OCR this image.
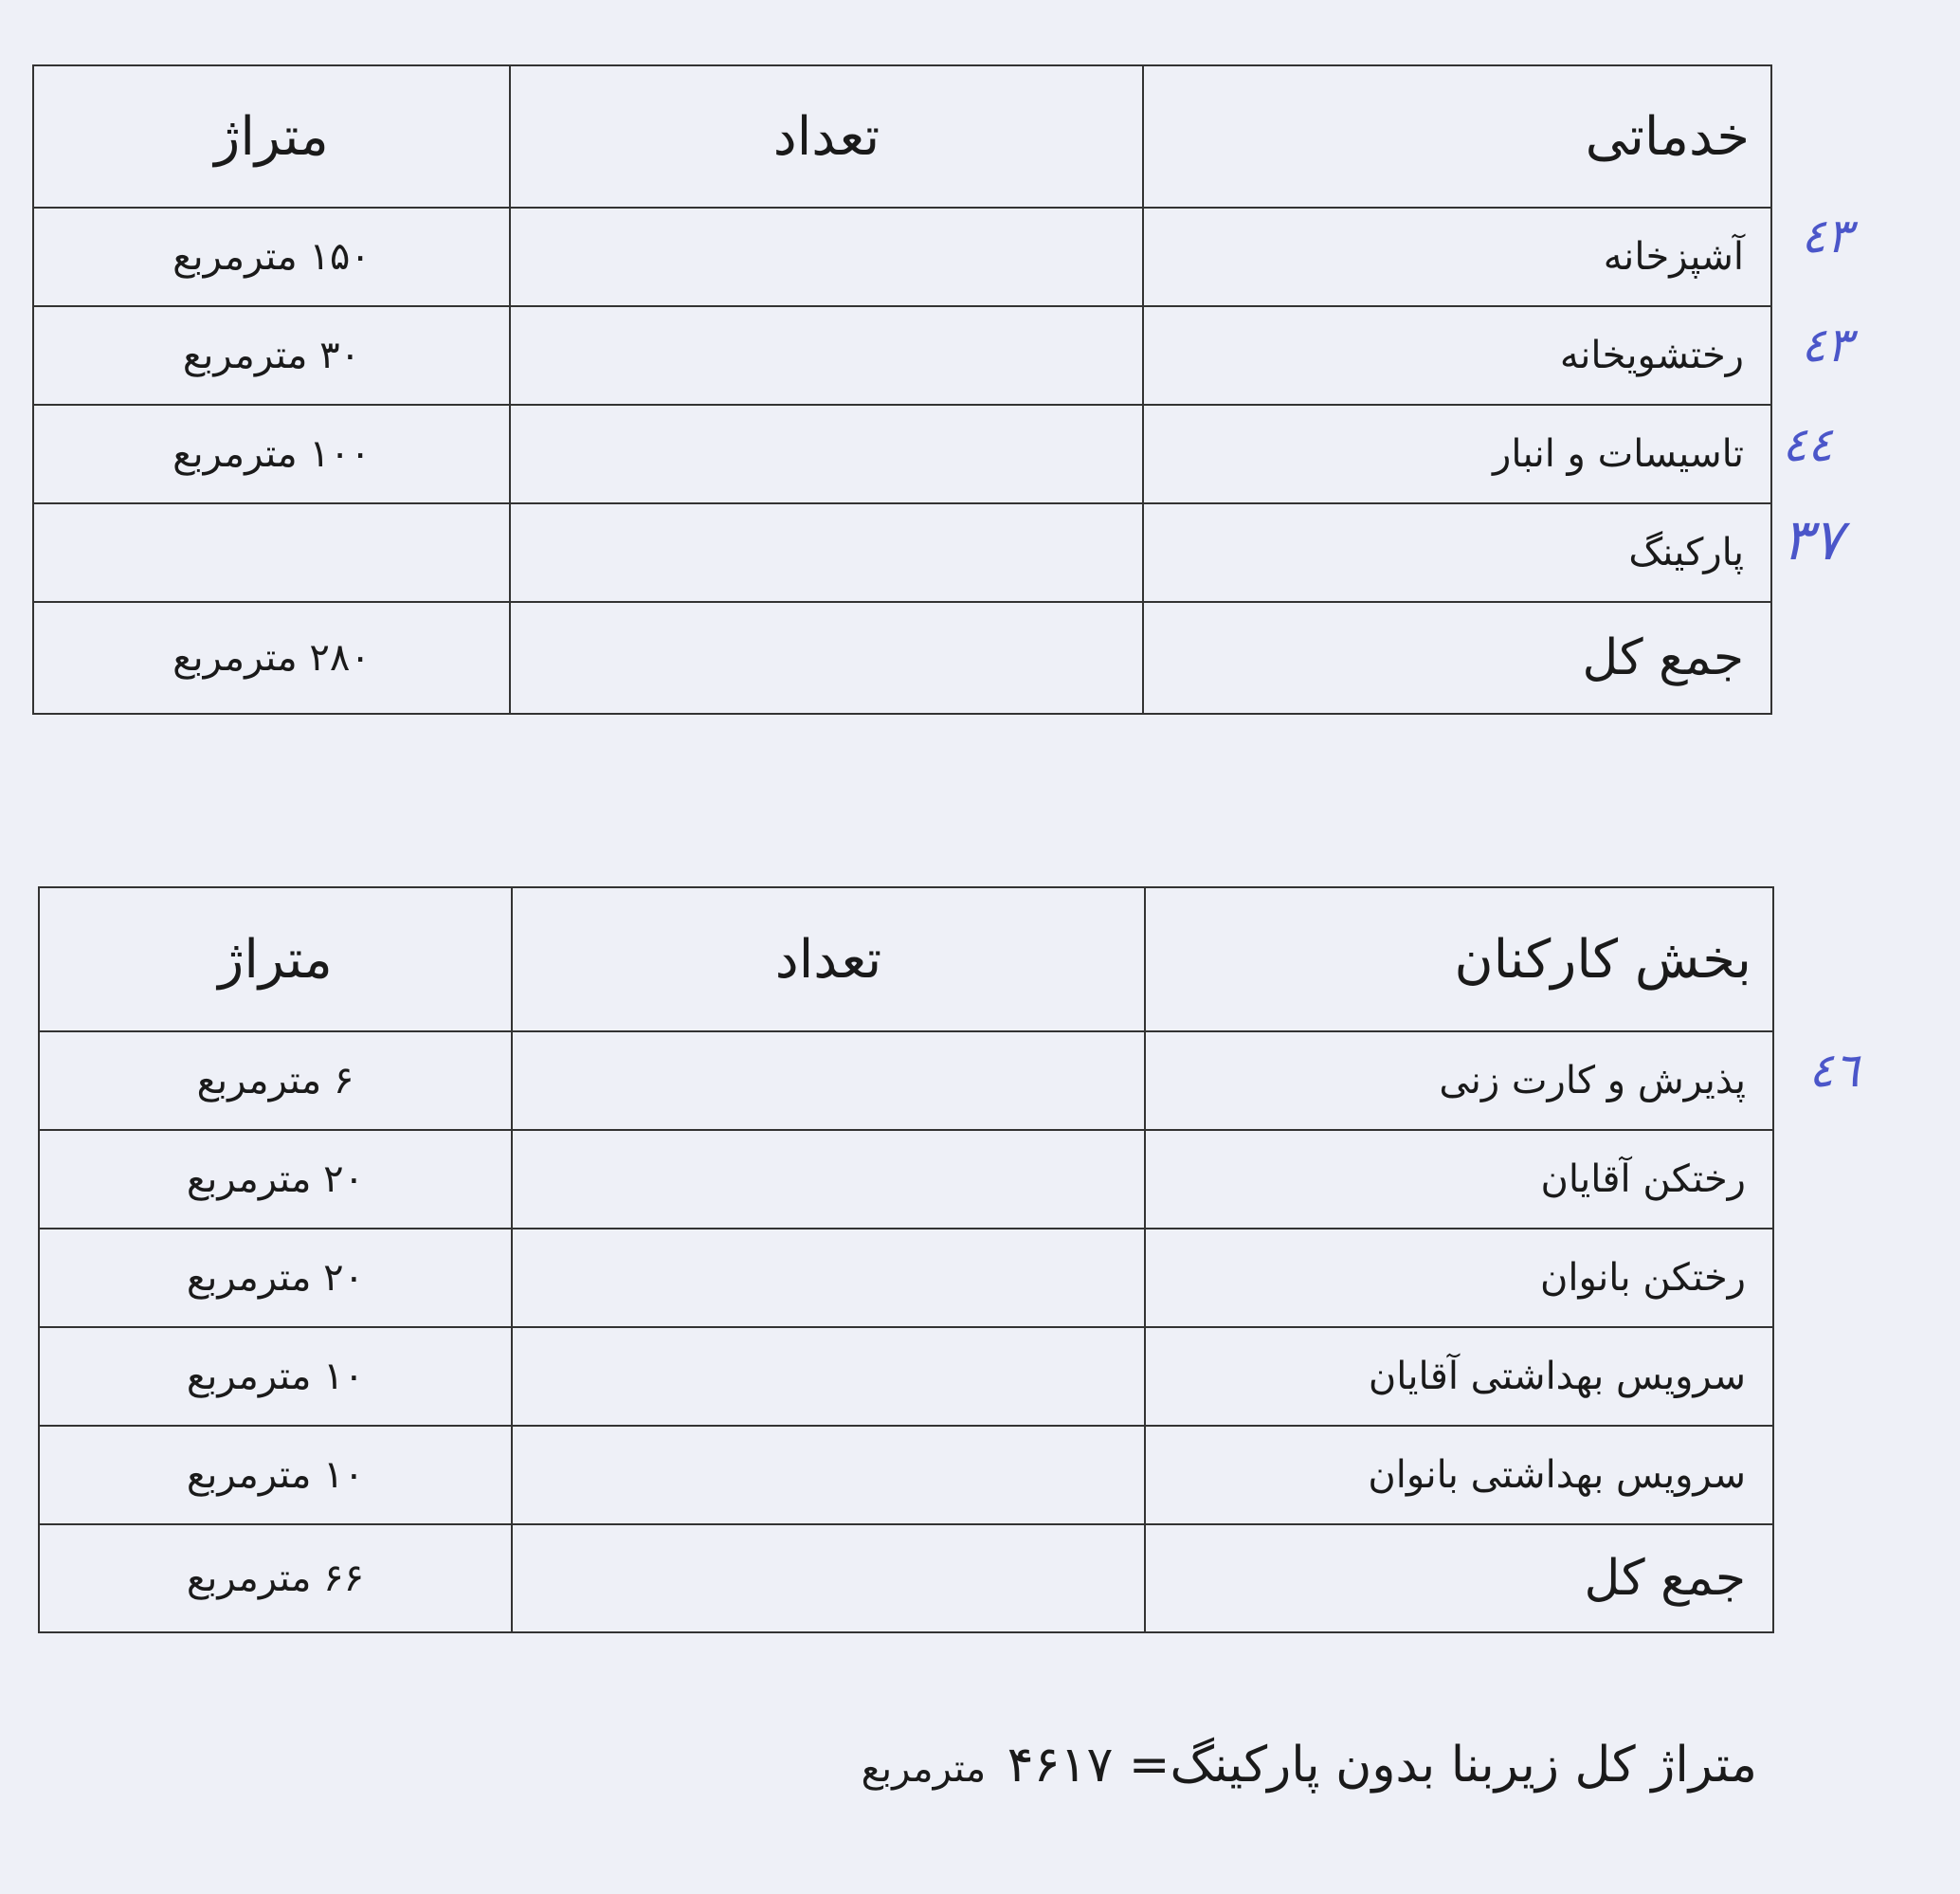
خدماتی	تعداد	متراژ
آشپزخانه		۱۵۰ مترمربع
رختشویخانه		۳۰ مترمربع
تاسیسات و انبار		۱۰۰ مترمربع
پارکینگ		
جمع کل		۲۸۰ مترمربع
بخش کارکنان	تعداد	متراژ
پذیرش و کارت زنی		۶ مترمربع
رختکن آقایان		۲۰ مترمربع
رختکن بانوان		۲۰ مترمربع
سرویس بهداشتی آقایان		۱۰ مترمربع
سرویس بهداشتی بانوان		۱۰ مترمربع
جمع کل		۶۶ مترمربع
متراژ کل زیربنا بدون پارکینگ= ۴۶۱۷ مترمربع
٤٣
٤٣
٤٤
٣٧
٤٦
